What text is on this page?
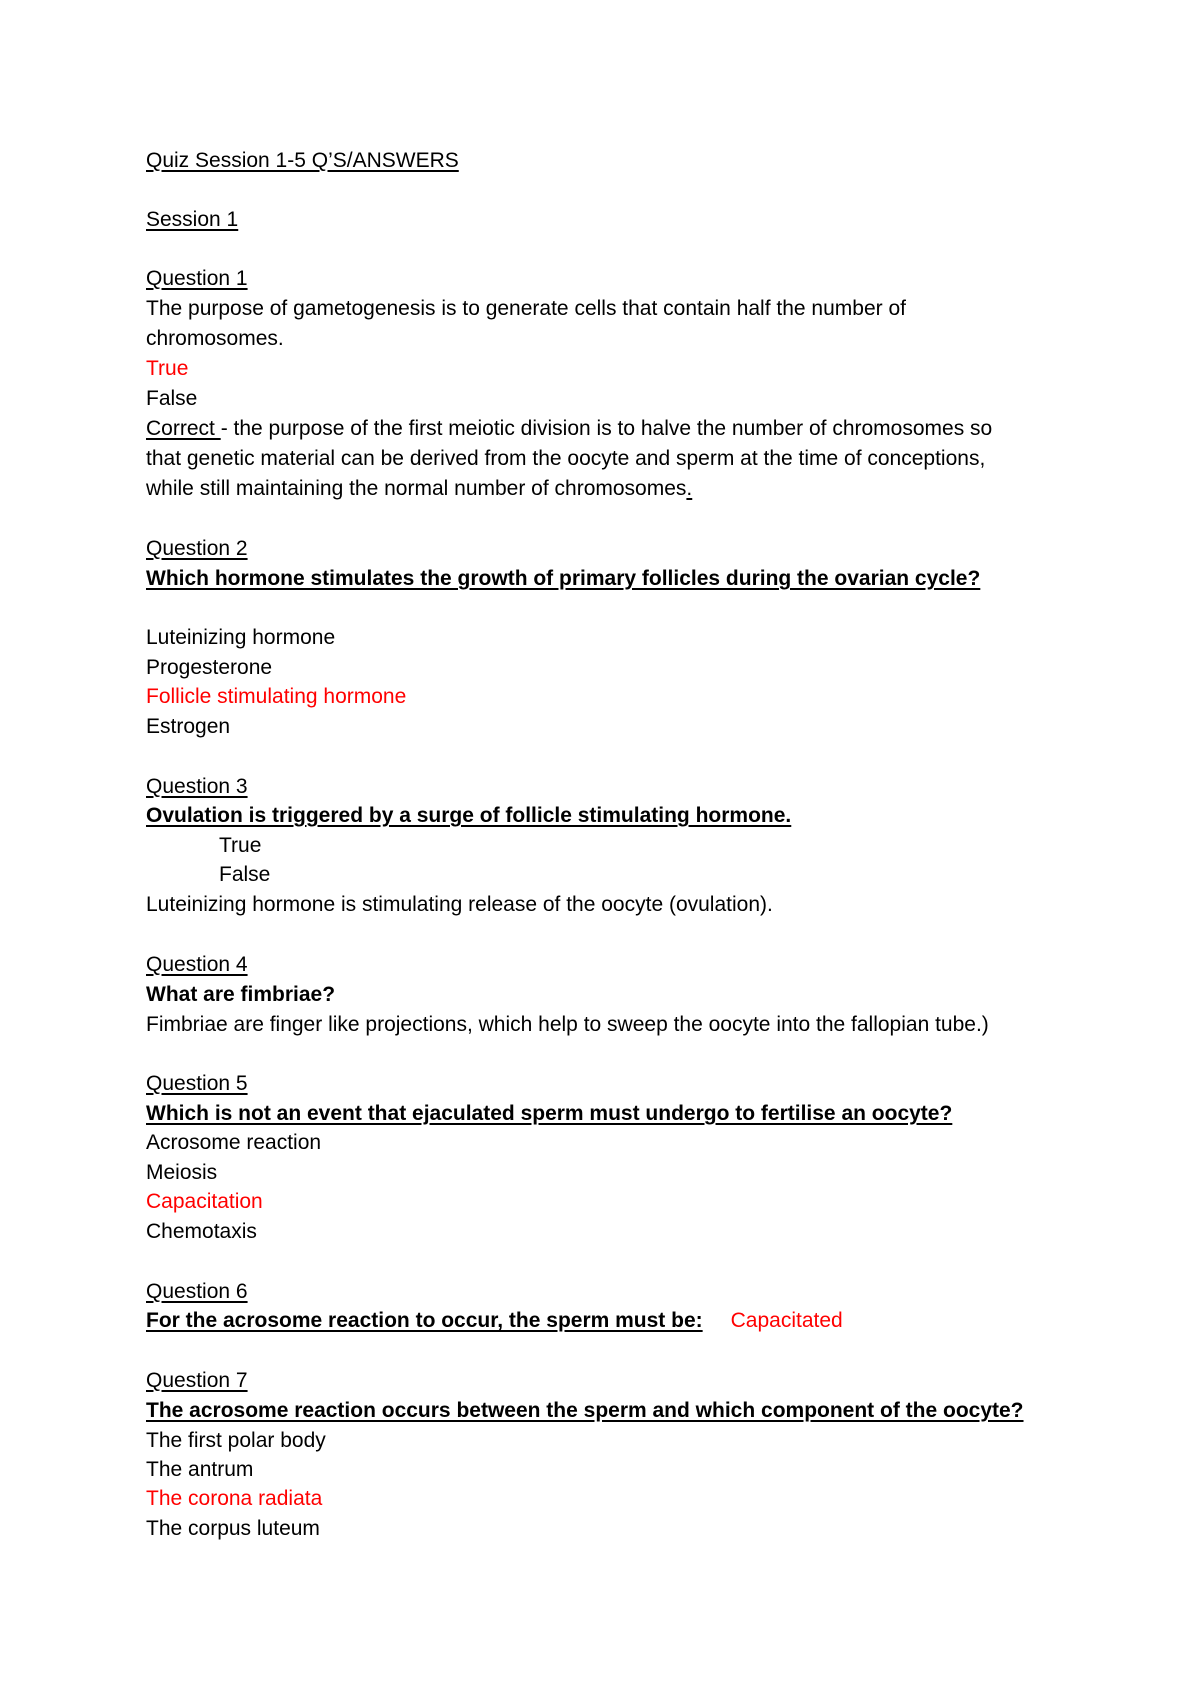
Quiz Session 1-5 Q’S/ANSWERS
Session 1
Question 1
The purpose of gametogenesis is to generate cells that contain half the number of
chromosomes.
True
False
Correct - the purpose of the first meiotic division is to halve the number of chromosomes so
that genetic material can be derived from the oocyte and sperm at the time of conceptions,
while still maintaining the normal number of chromosomes.
Question 2
Which hormone stimulates the growth of primary follicles during the ovarian cycle?
Luteinizing hormone
Progesterone
Follicle stimulating hormone
Estrogen
Question 3
Ovulation is triggered by a surge of follicle stimulating hormone.
True
False
Luteinizing hormone is stimulating release of the oocyte (ovulation).
Question 4
What are fimbriae?
Fimbriae are finger like projections, which help to sweep the oocyte into the fallopian tube.)
Question 5
Which is not an event that ejaculated sperm must undergo to fertilise an oocyte?
Acrosome reaction
Meiosis
Capacitation
Chemotaxis
Question 6
For the acrosome reaction to occur, the sperm must be: Capacitated
Question 7
The acrosome reaction occurs between the sperm and which component of the oocyte?
The first polar body
The antrum
The corona radiata
The corpus luteum
